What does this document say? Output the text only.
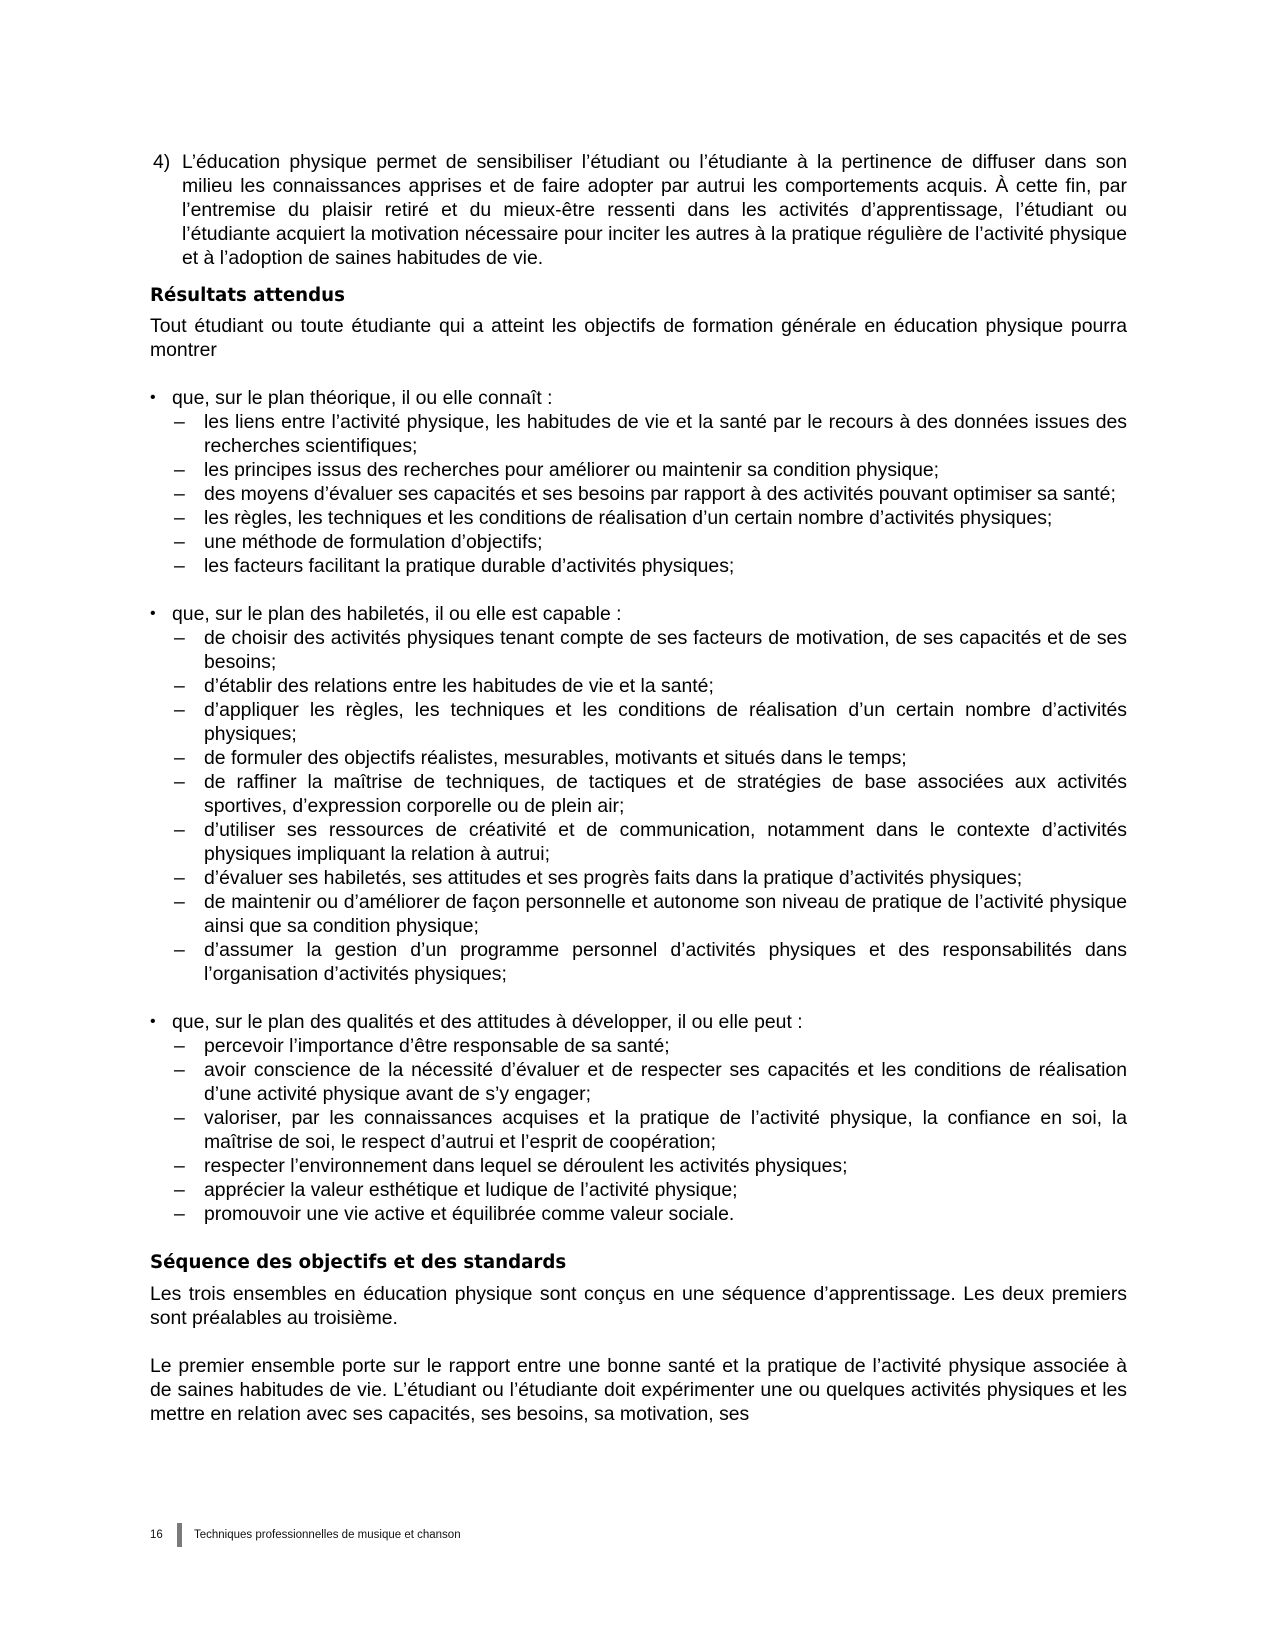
4) L’éducation physique permet de sensibiliser l’étudiant ou l’étudiante à la pertinence de diffuser dans son milieu les connaissances apprises et de faire adopter par autrui les comportements acquis. À cette fin, par l’entremise du plaisir retiré et du mieux-être ressenti dans les activités d’apprentissage, l’étudiant ou l’étudiante acquiert la motivation nécessaire pour inciter les autres à la pratique régulière de l’activité physique et à l’adoption de saines habitudes de vie.

Résultats attendus

Tout étudiant ou toute étudiante qui a atteint les objectifs de formation générale en éducation physique pourra montrer

• que, sur le plan théorique, il ou elle connaît :

– les liens entre l’activité physique, les habitudes de vie et la santé par le recours à des données issues des recherches scientifiques;
– les principes issus des recherches pour améliorer ou maintenir sa condition physique;
– des moyens d’évaluer ses capacités et ses besoins par rapport à des activités pouvant optimiser sa santé;
– les règles, les techniques et les conditions de réalisation d’un certain nombre d’activités physiques;
– une méthode de formulation d’objectifs;
– les facteurs facilitant la pratique durable d’activités physiques;

• que, sur le plan des habiletés, il ou elle est capable :

– de choisir des activités physiques tenant compte de ses facteurs de motivation, de ses capacités et de ses besoins;
– d’établir des relations entre les habitudes de vie et la santé;
– d’appliquer les règles, les techniques et les conditions de réalisation d’un certain nombre d’activités physiques;
– de formuler des objectifs réalistes, mesurables, motivants et situés dans le temps;
– de raffiner la maîtrise de techniques, de tactiques et de stratégies de base associées aux activités sportives, d’expression corporelle ou de plein air;
– d’utiliser ses ressources de créativité et de communication, notamment dans le contexte d’activités physiques impliquant la relation à autrui;
– d’évaluer ses habiletés, ses attitudes et ses progrès faits dans la pratique d’activités physiques;
– de maintenir ou d’améliorer de façon personnelle et autonome son niveau de pratique de l’activité physique ainsi que sa condition physique;
– d’assumer la gestion d’un programme personnel d’activités physiques et des responsabilités dans l’organisation d’activités physiques;

• que, sur le plan des qualités et des attitudes à développer, il ou elle peut :

– percevoir l’importance d’être responsable de sa santé;
– avoir conscience de la nécessité d’évaluer et de respecter ses capacités et les conditions de réalisation d’une activité physique avant de s’y engager;
– valoriser, par les connaissances acquises et la pratique de l’activité physique, la confiance en soi, la maîtrise de soi, le respect d’autrui et l’esprit de coopération;
– respecter l’environnement dans lequel se déroulent les activités physiques;
– apprécier la valeur esthétique et ludique de l’activité physique;
– promouvoir une vie active et équilibrée comme valeur sociale.
Séquence des objectifs et des standards

Les trois ensembles en éducation physique sont conçus en une séquence d’apprentissage. Les deux premiers sont préalables au troisième.

Le premier ensemble porte sur le rapport entre une bonne santé et la pratique de l’activité physique associée à de saines habitudes de vie. L’étudiant ou l’étudiante doit expérimenter une ou quelques activités physiques et les mettre en relation avec ses capacités, ses besoins, sa motivation, ses

16	Techniques professionnelles de musique et chanson
